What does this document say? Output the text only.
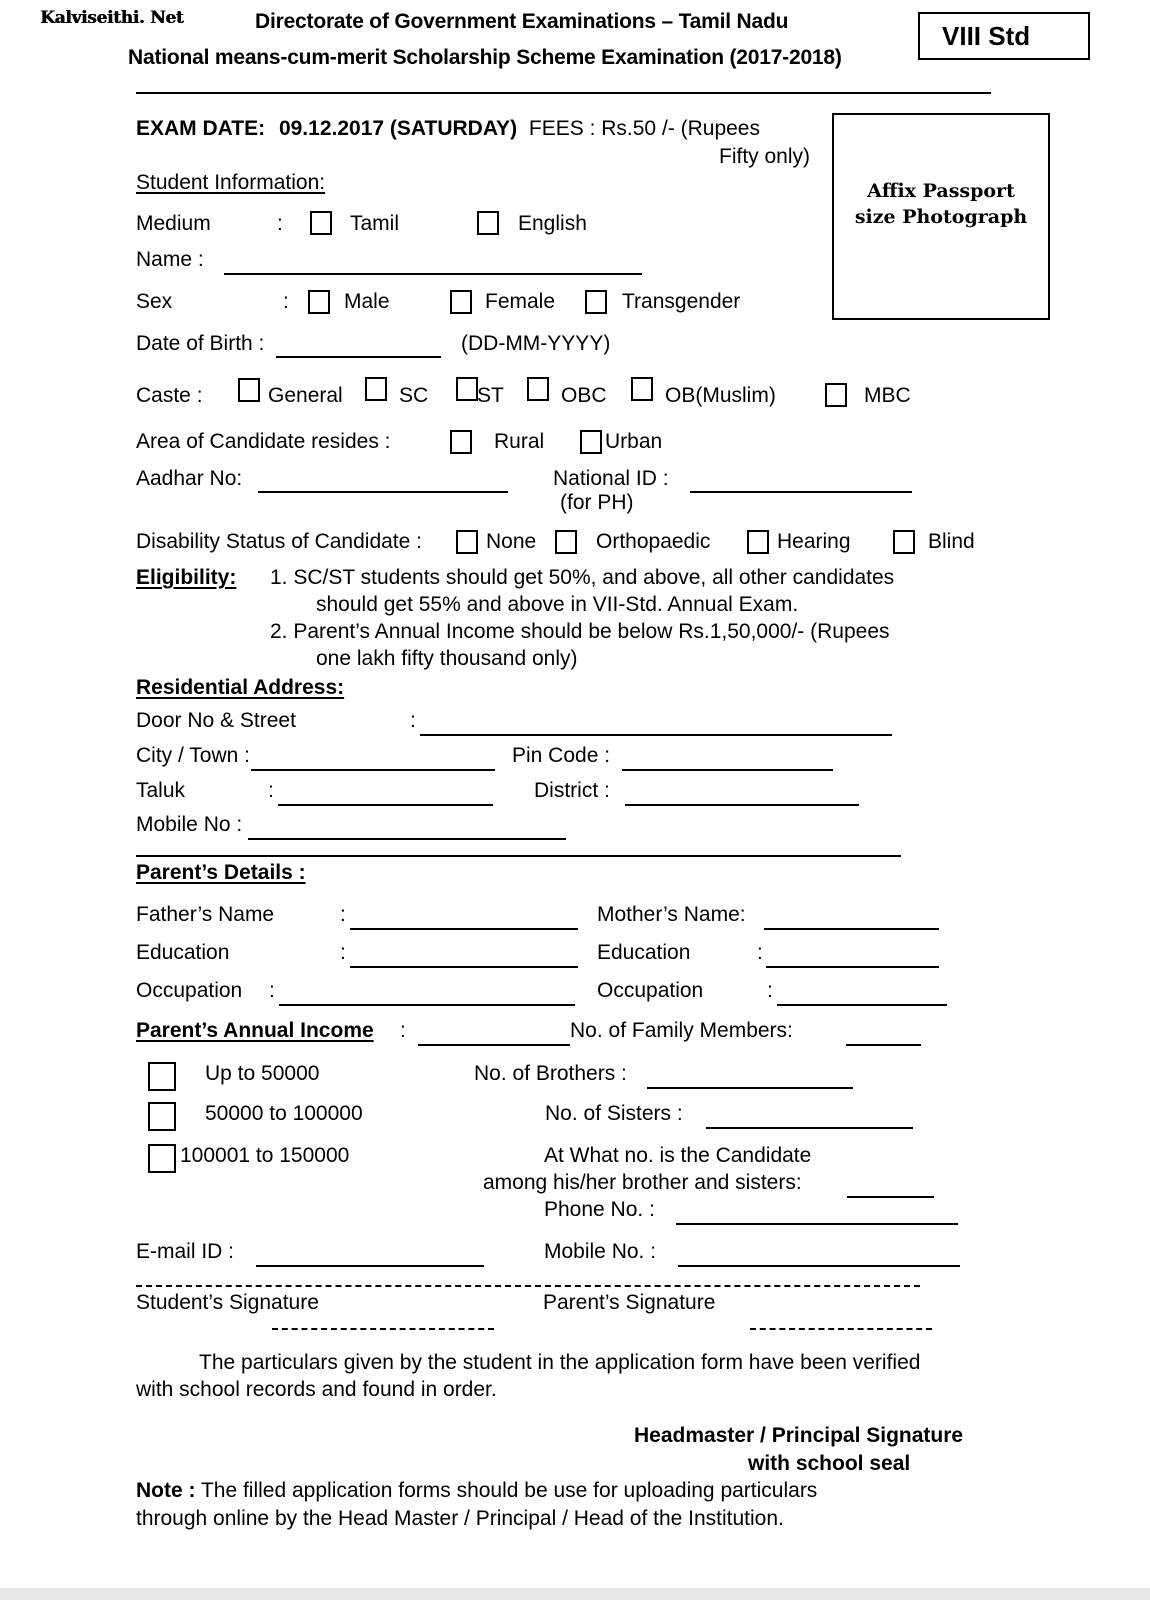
Kalviseithi. Net	Directorate of Government Examinations – Tamil Nadu
National means-cum-merit Scholarship Scheme Examination (2017-2018)
VIII Std
EXAM DATE: 09.12.2017 (SATURDAY) FEES : Rs.50 /- (Rupees
Fifty only)
Affix Passport
size Photograph
Student Information:
Medium	:	Tamil	English
Name :
Sex	:	Male	Female	Transgender
Date of Birth :	(DD-MM-YYYY)
Caste :	General	SC ST	OBC	OB(Muslim)	MBC
Area of Candidate resides :	Rural	Urban
Aadhar No:	National ID :
(for PH)
Disability Status of Candidate :	None	Orthopaedic	Hearing	Blind
Eligibility: 1. SC/ST students should get 50%, and above, all other candidates
should get 55% and above in VII-Std. Annual Exam.
2. Parent’s Annual Income should be below Rs.1,50,000/- (Rupees
one lakh fifty thousand only)
Residential Address:
Door No & Street	:
City / Town :	Pin Code :
Taluk	:	District :
Mobile No :
Parent’s Details :
Father’s Name	:	Mother’s Name:
Education	:	Education	:
Occupation :	Occupation	:
Parent’s Annual Income :	No. of Family Members:
Up to 50000
50000 to 100000
100001 to 150000
No. of Brothers :
No. of Sisters :
At What no. is the Candidate
among his/her brother and sisters:
Phone No. :
E-mail ID :	Mobile No. :
Student’s Signature	Parent’s Signature
The particulars given by the student in the application form have been verified
with school records and found in order.
Headmaster / Principal Signature
with school seal
Note : The filled application forms should be use for uploading particulars
through online by the Head Master / Principal / Head of the Institution.
